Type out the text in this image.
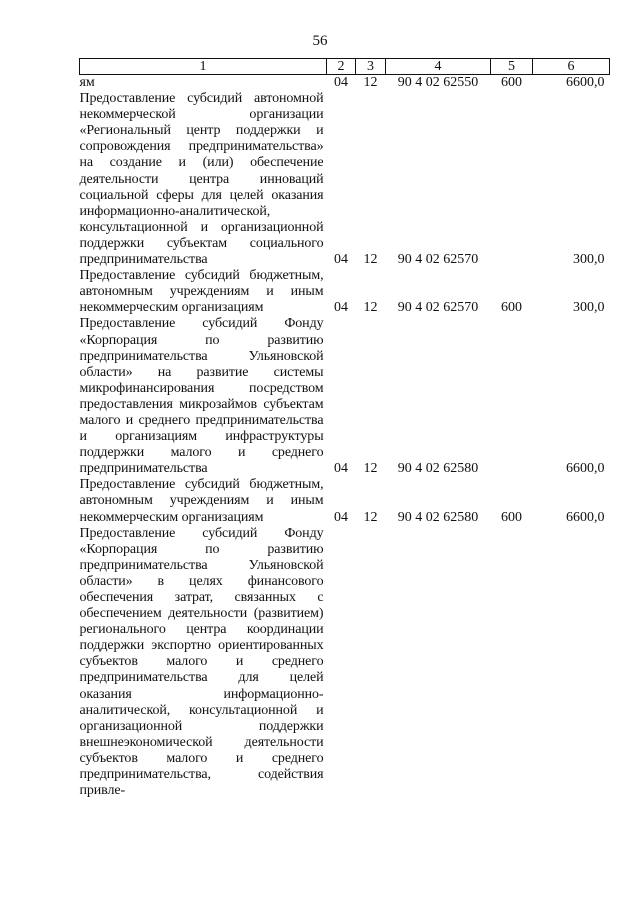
56
1	2	3	4	5	6
ям	04	12	90 4 02 62550	600	6600,0
Предоставление субсидий автономной некоммерческой организации «Региональный центр поддержки и сопровождения предпринимательства» на создание и (или) обеспечение деятельности центра инноваций социальной сферы для целей оказания информационно-аналитической, консультационной и организационной поддержки субъектам социального предпринимательства	04	12	90 4 02 62570		300,0
Предоставление субсидий бюджетным, автономным учреждениям и иным некоммерческим организациям	04	12	90 4 02 62570	600	300,0
Предоставление субсидий Фонду «Корпорация по развитию предпринимательства Ульяновской области» на развитие системы микрофинансирования посредством предоставления микрозаймов субъектам малого и среднего предпринимательства и организациям инфраструктуры поддержки малого и среднего предпринимательства	04	12	90 4 02 62580		6600,0
Предоставление субсидий бюджетным, автономным учреждениям и иным некоммерческим организациям	04	12	90 4 02 62580	600	6600,0
Предоставление субсидий Фонду «Корпорация по развитию предпринимательства Ульяновской области» в целях финансового обеспечения затрат, связанных с обеспечением деятельности (развитием) регионального центра координации поддержки экспортно ориентированных субъектов малого и среднего предпринимательства для целей оказания информационно-аналитической, консультационной и организационной поддержки внешнеэкономической деятельности субъектов малого и среднего предпринимательства, содействия привле-					
